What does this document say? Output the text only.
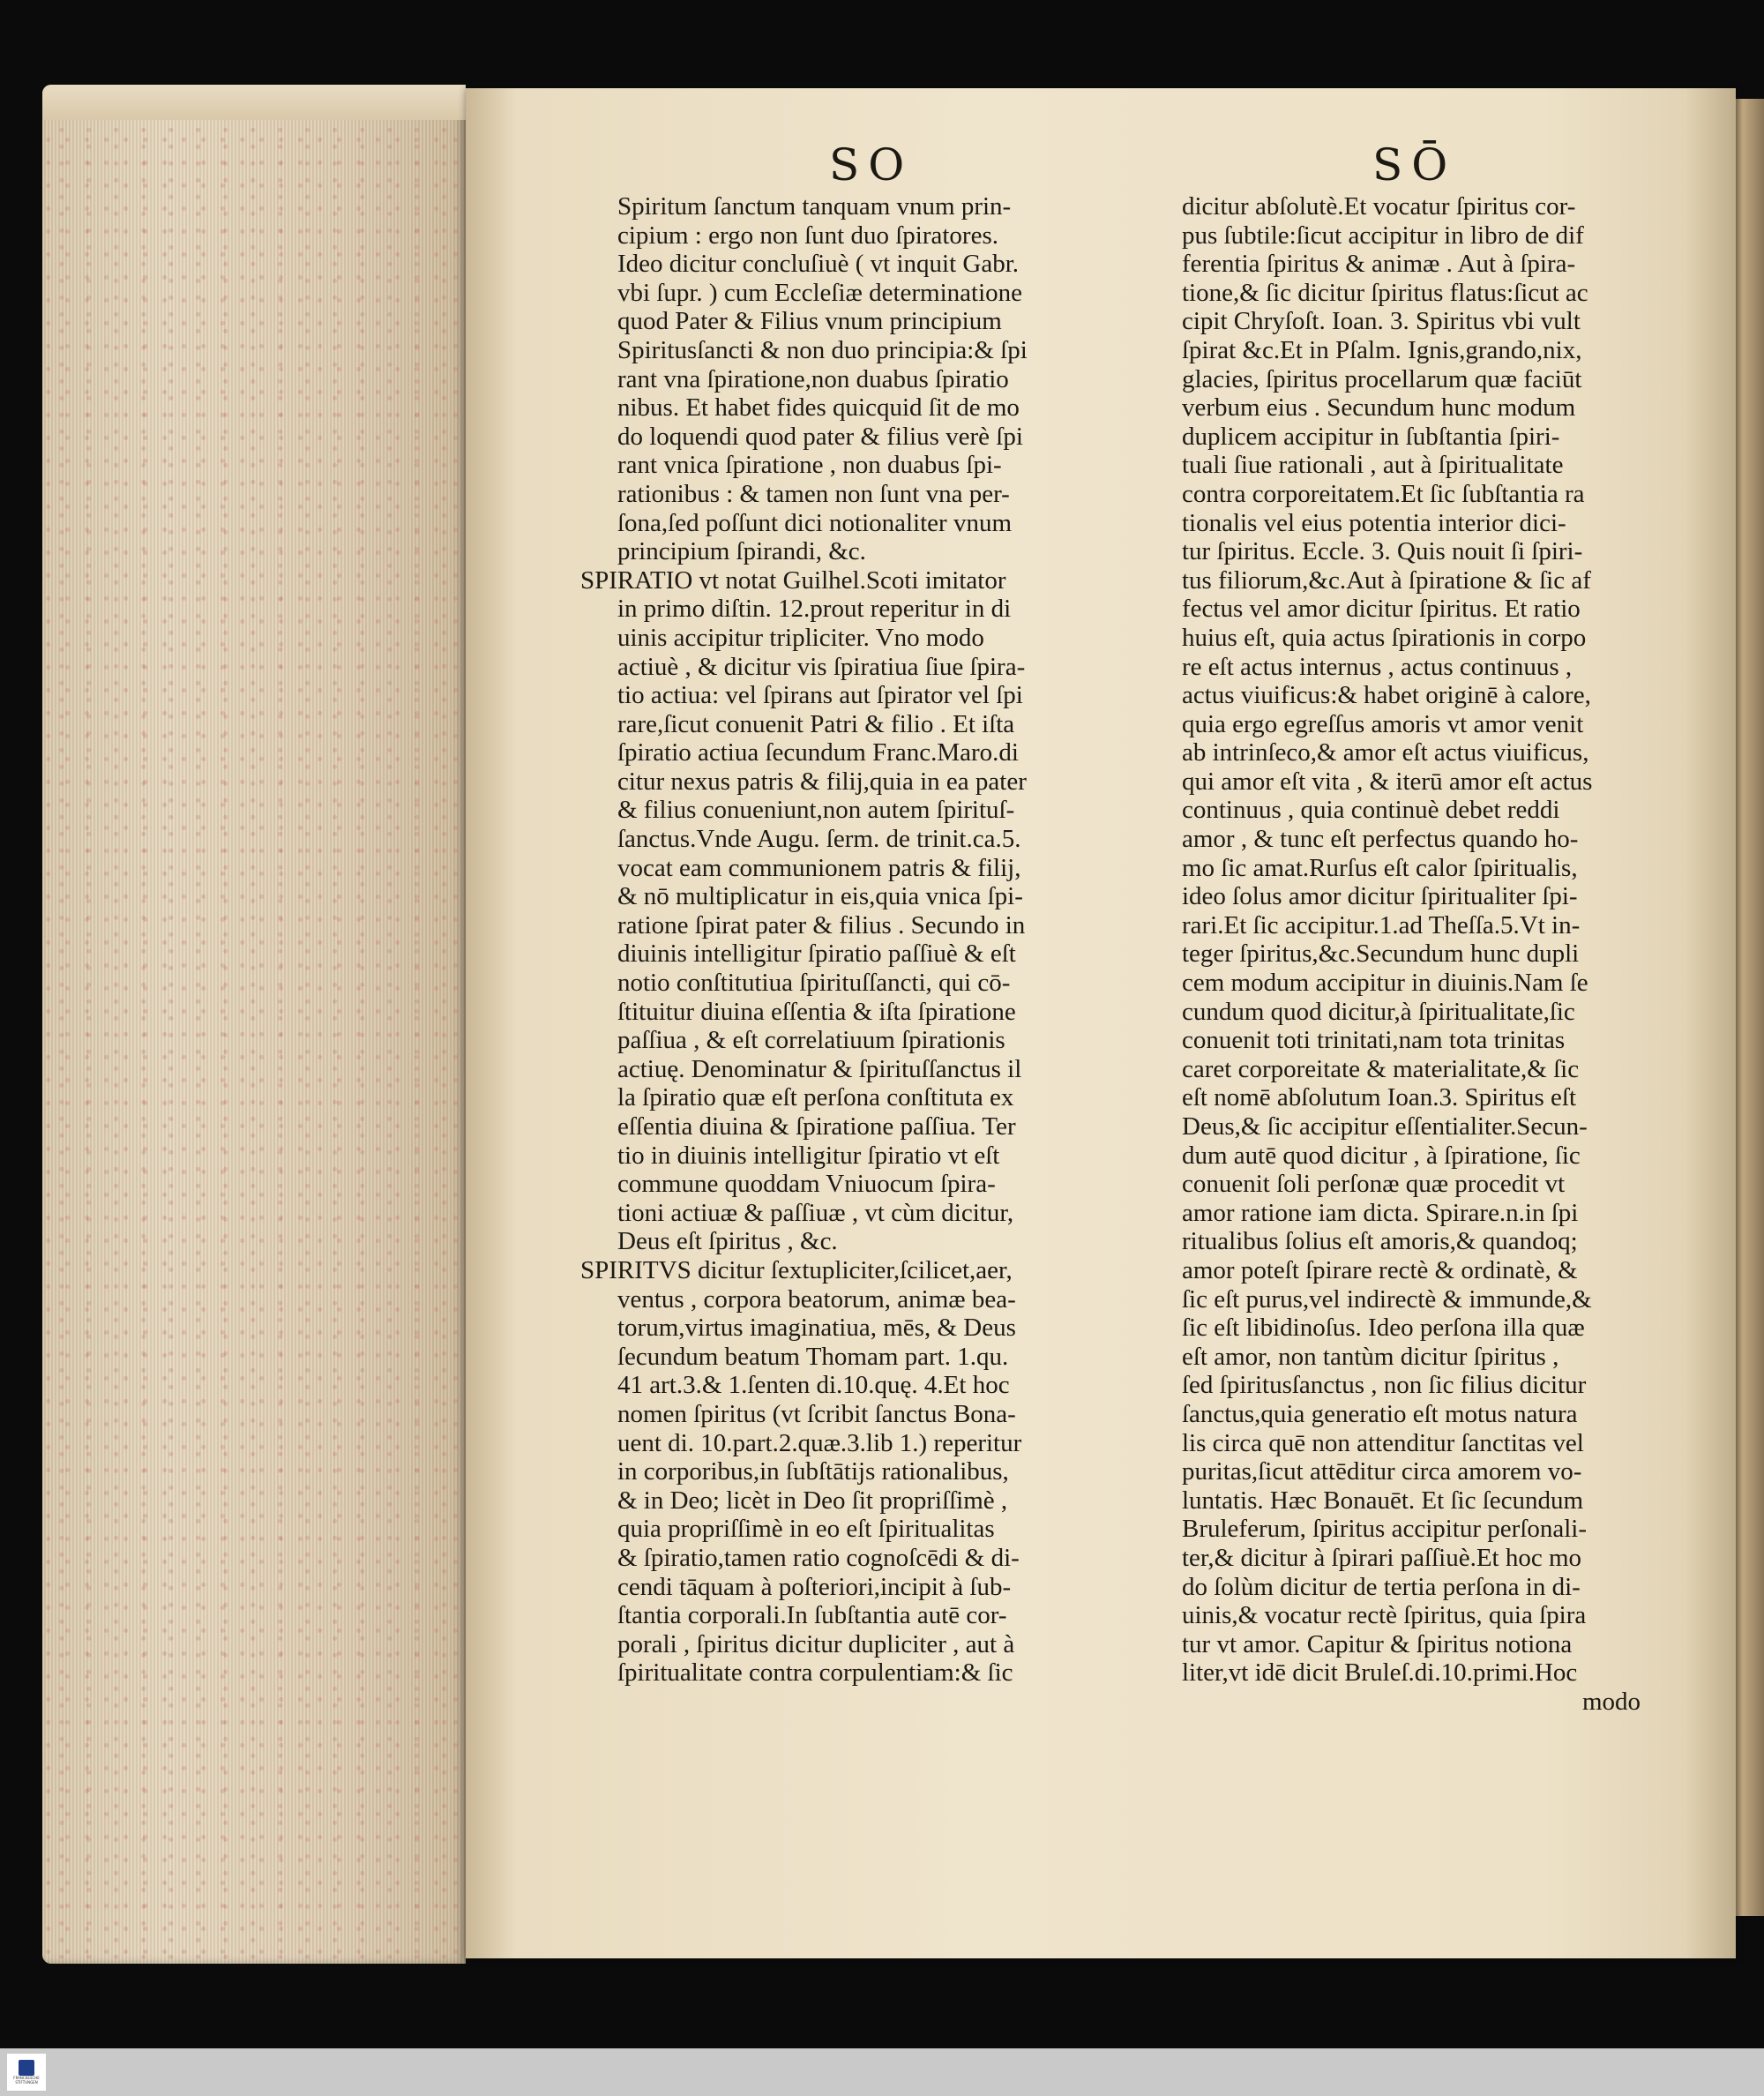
SO	SŌ
Spiritum ſanctum tanquam vnum prin-
cipium : ergo non ſunt duo ſpiratores.
Ideo dicitur concluſiuè ( vt inquit Gabr.
vbi ſupr. ) cum Eccleſiæ determinatione
quod Pater & Filius vnum principium
Spiritusſancti & non duo principia:& ſpi
rant vna ſpiratione,non duabus ſpiratio
nibus. Et habet fides quicquid ſit de mo
do loquendi quod pater & filius verè ſpi
rant vnica ſpiratione , non duabus ſpi-
rationibus : & tamen non ſunt vna per-
ſona,ſed poſſunt dici notionaliter vnum
principium ſpirandi, &c.
SPIRATIO vt notat Guilhel.Scoti imitator
in primo diſtin. 12.prout reperitur in di
uinis accipitur tripliciter. Vno modo
actiuè , & dicitur vis ſpiratiua ſiue ſpira-
tio actiua: vel ſpirans aut ſpirator vel ſpi
rare,ſicut conuenit Patri & filio . Et iſta
ſpiratio actiua ſecundum Franc.Maro.di
citur nexus patris & filij,quia in ea pater
& filius conueniunt,non autem ſpirituſ-
ſanctus.Vnde Augu. ſerm. de trinit.ca.5.
vocat eam communionem patris & filij,
& nō multiplicatur in eis,quia vnica ſpi-
ratione ſpirat pater & filius . Secundo in
diuinis intelligitur ſpiratio paſſiuè & eſt
notio conſtitutiua ſpirituſſancti, qui cō-
ſtituitur diuina eſſentia & iſta ſpiratione
paſſiua , & eſt correlatiuum ſpirationis
actiuę. Denominatur & ſpirituſſanctus il
la ſpiratio quæ eſt perſona conſtituta ex
eſſentia diuina & ſpiratione paſſiua. Ter
tio in diuinis intelligitur ſpiratio vt eſt
commune quoddam Vniuocum ſpira-
tioni actiuæ & paſſiuæ , vt cùm dicitur,
Deus eſt ſpiritus , &c.
SPIRITVS dicitur ſextupliciter,ſcilicet,aer,
ventus , corpora beatorum, animæ bea-
torum,virtus imaginatiua, mēs, & Deus
ſecundum beatum Thomam part. 1.qu.
41 art.3.& 1.ſenten di.10.quę. 4.Et hoc
nomen ſpiritus (vt ſcribit ſanctus Bona-
uent di. 10.part.2.quæ.3.lib 1.) reperitur
in corporibus,in ſubſtātijs rationalibus,
& in Deo; licèt in Deo ſit propriſſimè ,
quia propriſſimè in eo eſt ſpiritualitas
& ſpiratio,tamen ratio cognoſcēdi & di-
cendi tāquam à poſteriori,incipit à ſub-
ſtantia corporali.In ſubſtantia autē cor-
porali , ſpiritus dicitur dupliciter , aut à
ſpiritualitate contra corpulentiam:& ſic
dicitur abſolutè.Et vocatur ſpiritus cor-
pus ſubtile:ſicut accipitur in libro de dif
ferentia ſpiritus & animæ . Aut à ſpira-
tione,& ſic dicitur ſpiritus flatus:ſicut ac
cipit Chryſoſt. Ioan. 3. Spiritus vbi vult
ſpirat &c.Et in Pſalm. Ignis,grando,nix,
glacies, ſpiritus procellarum quæ faciūt
verbum eius . Secundum hunc modum
duplicem accipitur in ſubſtantia ſpiri-
tuali ſiue rationali , aut à ſpiritualitate
contra corporeitatem.Et ſic ſubſtantia ra
tionalis vel eius potentia interior dici-
tur ſpiritus. Eccle. 3. Quis nouit ſi ſpiri-
tus filiorum,&c.Aut à ſpiratione & ſic af
fectus vel amor dicitur ſpiritus. Et ratio
huius eſt, quia actus ſpirationis in corpo
re eſt actus internus , actus continuus ,
actus viuificus:& habet originē à calore,
quia ergo egreſſus amoris vt amor venit
ab intrinſeco,& amor eſt actus viuificus,
qui amor eſt vita , & iterū amor eſt actus
continuus , quia continuè debet reddi
amor , & tunc eſt perfectus quando ho-
mo ſic amat.Rurſus eſt calor ſpiritualis,
ideo ſolus amor dicitur ſpiritualiter ſpi-
rari.Et ſic accipitur.1.ad Theſſa.5.Vt in-
teger ſpiritus,&c.Secundum hunc dupli
cem modum accipitur in diuinis.Nam ſe
cundum quod dicitur,à ſpiritualitate,ſic
conuenit toti trinitati,nam tota trinitas
caret corporeitate & materialitate,& ſic
eſt nomē abſolutum Ioan.3. Spiritus eſt
Deus,& ſic accipitur eſſentialiter.Secun-
dum autē quod dicitur , à ſpiratione, ſic
conuenit ſoli perſonæ quæ procedit vt
amor ratione iam dicta. Spirare.n.in ſpi
ritualibus ſolius eſt amoris,& quandoq;
amor poteſt ſpirare rectè & ordinatè, &
ſic eſt purus,vel indirectè & immunde,&
ſic eſt libidinoſus. Ideo perſona illa quæ
eſt amor, non tantùm dicitur ſpiritus ,
ſed ſpiritusſanctus , non ſic filius dicitur
ſanctus,quia generatio eſt motus natura
lis circa quē non attenditur ſanctitas vel
puritas,ſicut attēditur circa amorem vo-
luntatis. Hæc Bonauēt. Et ſic ſecundum
Bruleferum, ſpiritus accipitur perſonali-
ter,& dicitur à ſpirari paſſiuè.Et hoc mo
do ſolùm dicitur de tertia perſona in di-
uinis,& vocatur rectè ſpiritus, quia ſpira
tur vt amor. Capitur & ſpiritus notiona
liter,vt idē dicit Bruleſ.di.10.primi.Hoc
modo
FRANCKESCHE STIFTUNGEN
